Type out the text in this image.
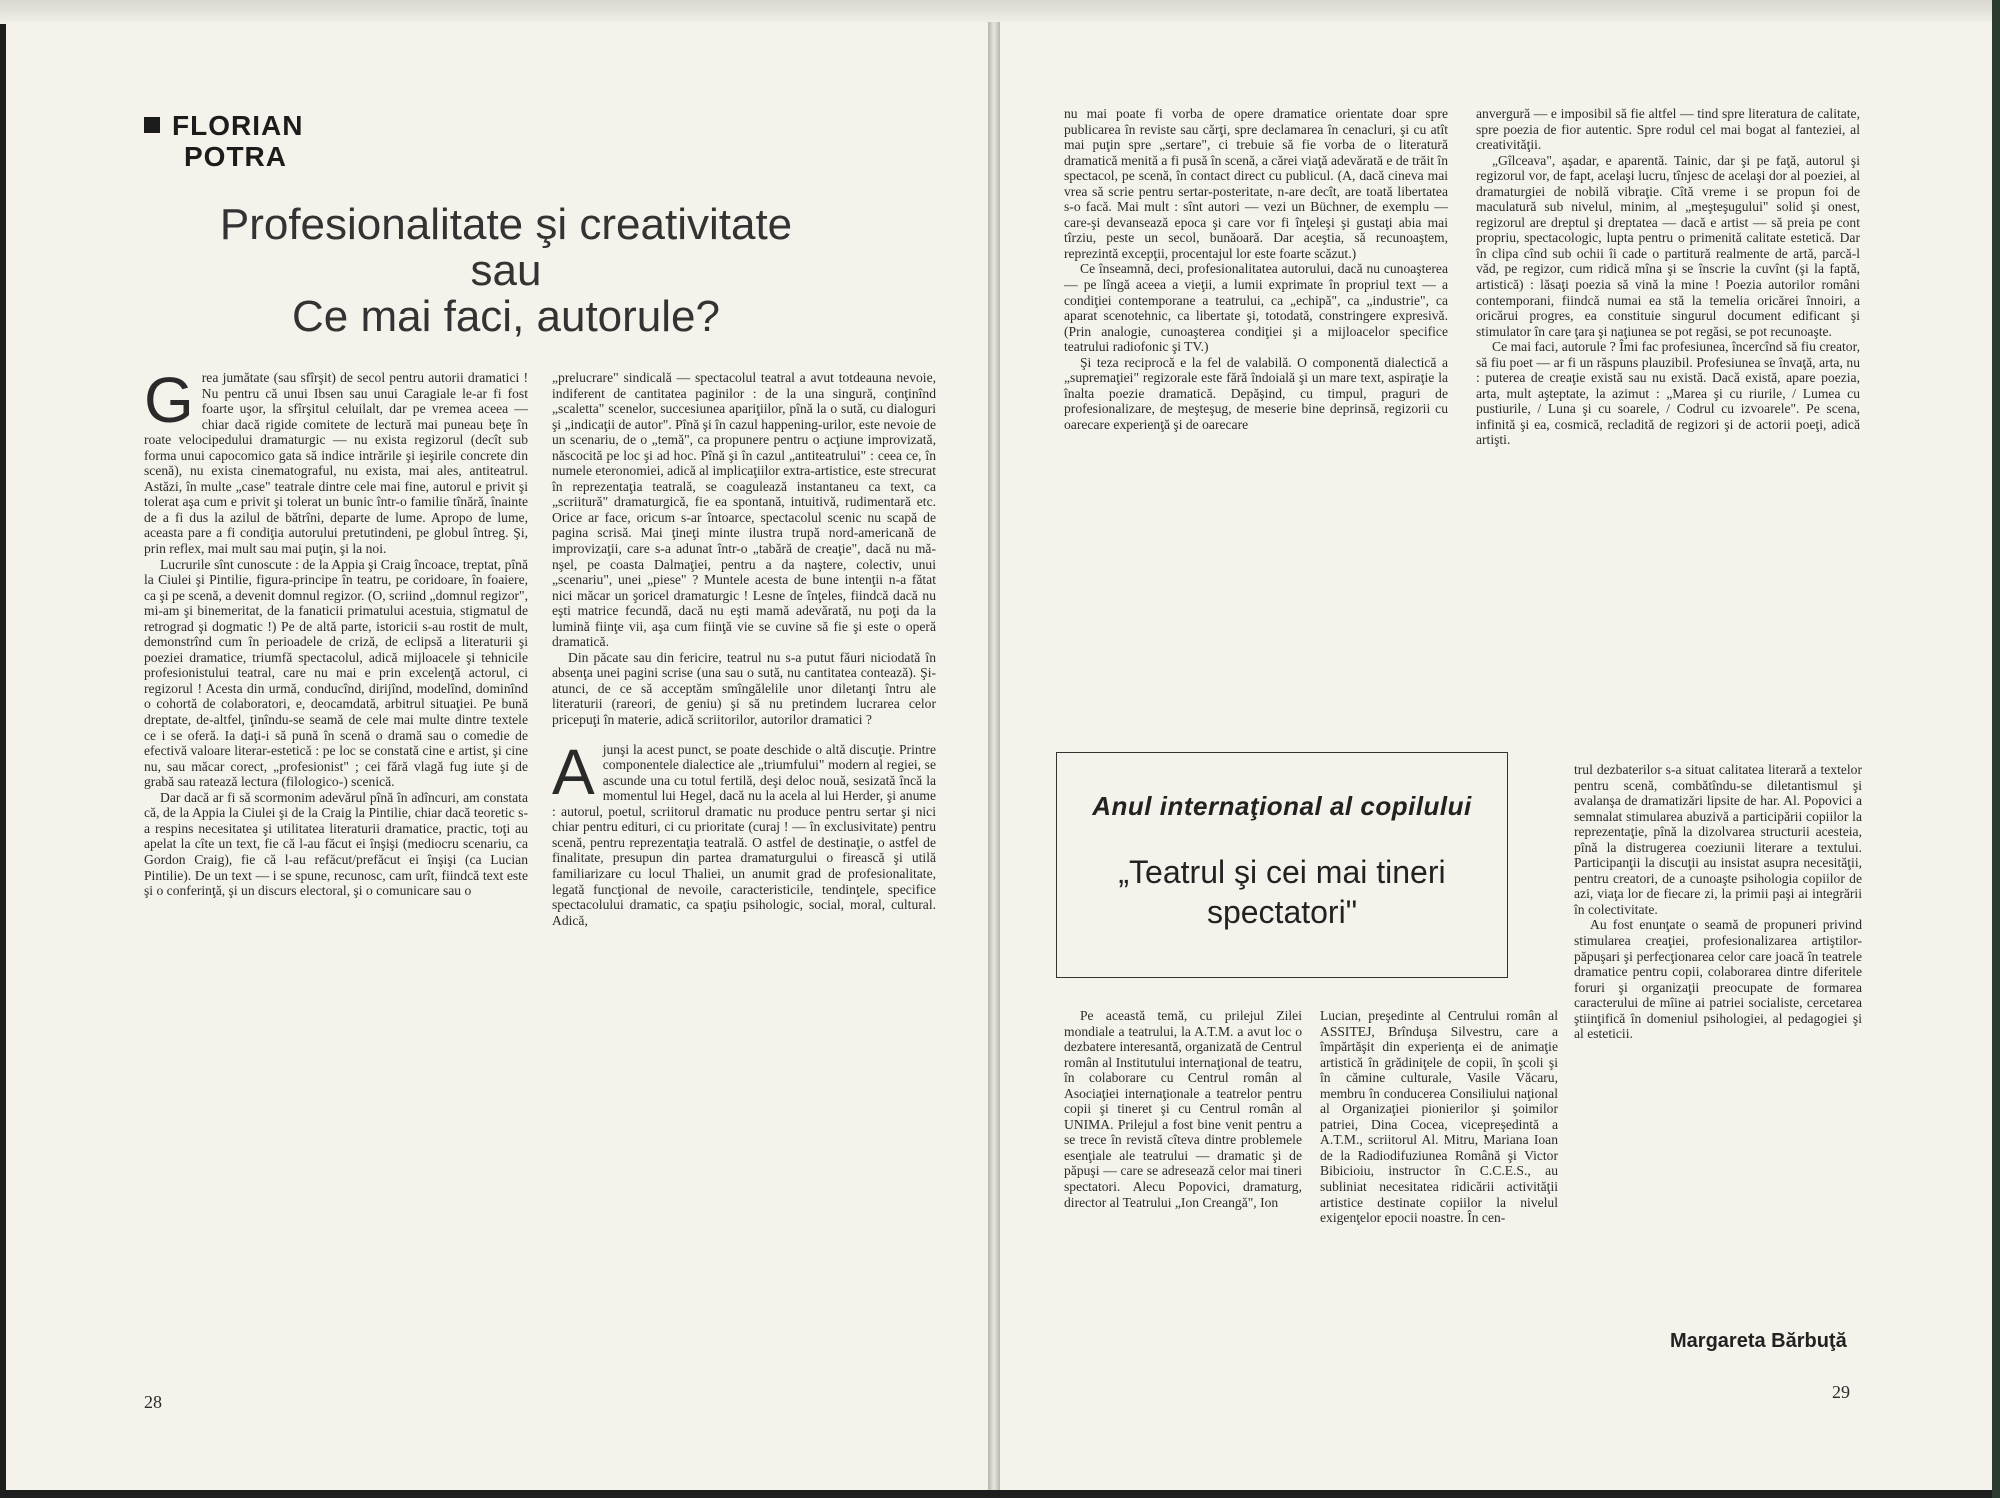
FLORIAN
POTRA
Profesionalitate şi creativitate
sau
Ce mai faci, autorule?

Grea jumătate (sau sfîrşit) de secol pentru autorii dramatici ! Nu pentru că unui Ibsen sau unui Caragiale le-ar fi fost foarte uşor, la sfîrşitul celuilalt, dar pe vremea aceea — chiar dacă rigide comitete de lectură mai puneau beţe în roate velocipedului dramaturgic — nu exista regizorul (decît sub forma unui capocomico gata să indice intrările şi ieşirile concrete din scenă), nu exista cinematograful, nu exista, mai ales, antiteatrul. Astăzi, în multe „case" teatrale dintre cele mai fine, autorul e privit şi tolerat aşa cum e privit şi tolerat un bunic într-o familie tînără, înainte de a fi dus la azilul de bătrîni, departe de lume. Apropo de lume, aceasta pare a fi condiţia autorului pretutindeni, pe globul întreg. Şi, prin reflex, mai mult sau mai puţin, şi la noi.

Lucrurile sînt cunoscute : de la Appia şi Craig încoace, treptat, pînă la Ciulei şi Pintilie, figura-principe în teatru, pe coridoare, în foaiere, ca şi pe scenă, a devenit domnul regizor. (O, scriind „domnul regizor", mi-am şi binemeritat, de la fanaticii primatului acestuia, stigmatul de retrograd şi dogmatic !) Pe de altă parte, istoricii s-au rostit de mult, demonstrînd cum în perioadele de criză, de eclipsă a literaturii şi poeziei dramatice, triumfă spectacolul, adică mijloacele şi tehnicile profesionistului teatral, care nu mai e prin excelenţă actorul, ci regizorul ! Acesta din urmă, conducînd, dirijînd, modelînd, dominînd o cohortă de colaboratori, e, deocamdată, arbitrul situaţiei. Pe bună dreptate, de-altfel, ţinîndu-se seamă de cele mai multe dintre textele ce i se oferă. Ia daţi-i să pună în scenă o dramă sau o comedie de efectivă valoare literar-estetică : pe loc se constată cine e artist, şi cine nu, sau măcar corect, „profesionist" ; cei fără vlagă fug iute şi de grabă sau ratează lectura (filologico-) scenică.

Dar dacă ar fi să scormonim adevărul pînă în adîncuri, am constata că, de la Appia la Ciulei şi de la Craig la Pintilie, chiar dacă teoretic s-a respins necesitatea şi utilitatea literaturii dramatice, practic, toţi au apelat la cîte un text, fie că l-au făcut ei înşişi (mediocru scenariu, ca Gordon Craig), fie că l-au refăcut/prefăcut ei înşişi (ca Lucian Pintilie). De un text — i se spune, recunosc, cam urît, fiindcă text este şi o conferinţă, şi un discurs electoral, şi o comunicare sau o

„prelucrare" sindicală — spectacolul teatral a avut totdeauna nevoie, indiferent de cantitatea paginilor : de la una singură, conţinînd „scaletta" scenelor, succesiunea apariţiilor, pînă la o sută, cu dialoguri şi „indicaţii de autor". Pînă şi în cazul happening-urilor, este nevoie de un scenariu, de o „temă", ca propunere pentru o acţiune improvizată, născocită pe loc şi ad hoc. Pînă şi în cazul „antiteatrului" : ceea ce, în numele eteronomiei, adică al implicaţiilor extra-artistice, este strecurat în reprezentaţia teatrală, se coagulează instantaneu ca text, ca „scriitură" dramaturgică, fie ea spontană, intuitivă, rudimentară etc. Orice ar face, oricum s-ar întoarce, spectacolul scenic nu scapă de pagina scrisă. Mai ţineţi minte ilustra trupă nord-americană de improvizaţii, care s-a adunat într-o „tabără de creaţie", dacă nu mă-nşel, pe coasta Dalmaţiei, pentru a da naştere, colectiv, unui „scenariu", unei „piese" ? Muntele acesta de bune intenţii n-a fătat nici măcar un şoricel dramaturgic ! Lesne de înţeles, fiindcă dacă nu eşti matrice fecundă, dacă nu eşti mamă adevărată, nu poţi da la lumină fiinţe vii, aşa cum fiinţă vie se cuvine să fie şi este o operă dramatică.

Din păcate sau din fericire, teatrul nu s-a putut făuri niciodată în absenţa unei pagini scrise (una sau o sută, nu cantitatea contează). Şi-atunci, de ce să acceptăm smîngălelile unor diletanţi întru ale literaturii (rareori, de geniu) şi să nu pretindem lucrarea celor pricepuţi în materie, adică scriitorilor, autorilor dramatici ?

Ajunşi la acest punct, se poate deschide o altă discuţie. Printre componentele dialectice ale „triumfului" modern al regiei, se ascunde una cu totul fertilă, deşi deloc nouă, sesizată încă la momentul lui Hegel, dacă nu la acela al lui Herder, şi anume : autorul, poetul, scriitorul dramatic nu produce pentru sertar şi nici chiar pentru edituri, ci cu prioritate (curaj ! — în exclusivitate) pentru scenă, pentru reprezentaţia teatrală. O astfel de destinaţie, o astfel de finalitate, presupun din partea dramaturgului o firească şi utilă familiarizare cu locul Thaliei, un anumit grad de profesionalitate, legată funcţional de nevoile, caracteristicile, tendinţele, specifice spectacolului dramatic, ca spaţiu psihologic, social, moral, cultural. Adică,

28

nu mai poate fi vorba de opere dramatice orientate doar spre publicarea în reviste sau cărţi, spre declamarea în cenacluri, şi cu atît mai puţin spre „sertare", ci trebuie să fie vorba de o literatură dramatică menită a fi pusă în scenă, a cărei viaţă adevărată e de trăit în spectacol, pe scenă, în contact direct cu publicul. (A, dacă cineva mai vrea să scrie pentru sertar-posteritate, n-are decît, are toată libertatea s-o facă. Mai mult : sînt autori — vezi un Büchner, de exemplu — care-şi devansează epoca şi care vor fi înţeleşi şi gustaţi abia mai tîrziu, peste un secol, bunăoară. Dar aceştia, să recunoaştem, reprezintă excepţii, procentajul lor este foarte scăzut.)

Ce înseamnă, deci, profesionalitatea autorului, dacă nu cunoaşterea — pe lîngă aceea a vieţii, a lumii exprimate în propriul text — a condiţiei contemporane a teatrului, ca „echipă", ca „industrie", ca aparat scenotehnic, ca libertate şi, totodată, constringere expresivă. (Prin analogie, cunoaşterea condiţiei şi a mijloacelor specifice teatrului radiofonic şi TV.)

Şi teza reciprocă e la fel de valabilă. O componentă dialectică a „supremaţiei" regizorale este fără îndoială şi un mare text, aspiraţie la înalta poezie dramatică. Depăşind, cu timpul, praguri de profesionalizare, de meşteşug, de meserie bine deprinsă, regizorii cu oarecare experienţă şi de oarecare

anvergură — e imposibil să fie altfel — tind spre literatura de calitate, spre poezia de fior autentic. Spre rodul cel mai bogat al fanteziei, al creativităţii.

„Gîlceava", aşadar, e aparentă. Tainic, dar şi pe faţă, autorul şi regizorul vor, de fapt, acelaşi lucru, tînjesc de acelaşi dor al poeziei, al dramaturgiei de nobilă vibraţie. Cîtă vreme i se propun foi de maculatură sub nivelul, minim, al „meşteşugului" solid şi onest, regizorul are dreptul şi dreptatea — dacă e artist — să preia pe cont propriu, spectacologic, lupta pentru o primenită calitate estetică. Dar în clipa cînd sub ochii îi cade o partitură realmente de artă, parcă-l văd, pe regizor, cum ridică mîna şi se înscrie la cuvînt (şi la faptă, artistică) : lăsaţi poezia să vină la mine ! Poezia autorilor români contemporani, fiindcă numai ea stă la temelia oricărei înnoiri, a oricărui progres, ea constituie singurul document edificant şi stimulator în care ţara şi naţiunea se pot regăsi, se pot recunoaşte.

Ce mai faci, autorule ? Îmi fac profesiunea, încercînd să fiu creator, să fiu poet — ar fi un răspuns plauzibil. Profesiunea se învaţă, arta, nu : puterea de creaţie există sau nu există. Dacă există, apare poezia, arta, mult aşteptate, la azimut : „Marea şi cu riurile, / Lumea cu pustiurile, / Luna şi cu soarele, / Codrul cu izvoarele". Pe scena, infinită şi ea, cosmică, recladită de regizori şi de actorii poeţi, adică artişti.

Anul internaţional al copilului
„Teatrul şi cei mai tineri
spectatori"

trul dezbaterilor s-a situat calitatea literară a textelor pentru scenă, combătîndu-se diletantismul şi avalanşa de dramatizări lipsite de har. Al. Popovici a semnalat stimularea abuzivă a participării copiilor la reprezentaţie, pînă la dizolvarea structurii acesteia, pînă la distrugerea coeziunii literare a textului. Participanţii la discuţii au insistat asupra necesităţii, pentru creatori, de a cunoaşte psihologia copiilor de azi, viaţa lor de fiecare zi, la primii paşi ai integrării în colectivitate.

Au fost enunţate o seamă de propuneri privind stimularea creaţiei, profesionalizarea artiştilor-păpuşari şi perfecţionarea celor care joacă în teatrele dramatice pentru copii, colaborarea dintre diferitele foruri şi organizaţii preocupate de formarea caracterului de mîine ai patriei socialiste, cercetarea ştiinţifică în domeniul psihologiei, al pedagogiei şi al esteticii.

Pe această temă, cu prilejul Zilei mondiale a teatrului, la A.T.M. a avut loc o dezbatere interesantă, organizată de Centrul român al Institutului internaţional de teatru, în colaborare cu Centrul român al Asociaţiei internaţionale a teatrelor pentru copii şi tineret şi cu Centrul român al UNIMA. Prilejul a fost bine venit pentru a se trece în revistă cîteva dintre problemele esenţiale ale teatrului — dramatic şi de păpuşi — care se adresează celor mai tineri spectatori. Alecu Popovici, dramaturg, director al Teatrului „Ion Creangă", Ion

Lucian, preşedinte al Centrului român al ASSITEJ, Brînduşa Silvestru, care a împărtăşit din experienţa ei de animaţie artistică în grădiniţele de copii, în şcoli şi în cămine culturale, Vasile Văcaru, membru în conducerea Consiliului naţional al Organizaţiei pionierilor şi şoimilor patriei, Dina Cocea, vicepreşedintă a A.T.M., scriitorul Al. Mitru, Mariana Ioan de la Radiodifuziunea Română şi Victor Bibicioiu, instructor în C.C.E.S., au subliniat necesitatea ridicării activităţii artistice destinate copiilor la nivelul exigenţelor epocii noastre. În cen-

Margareta Bărbuţă
29
